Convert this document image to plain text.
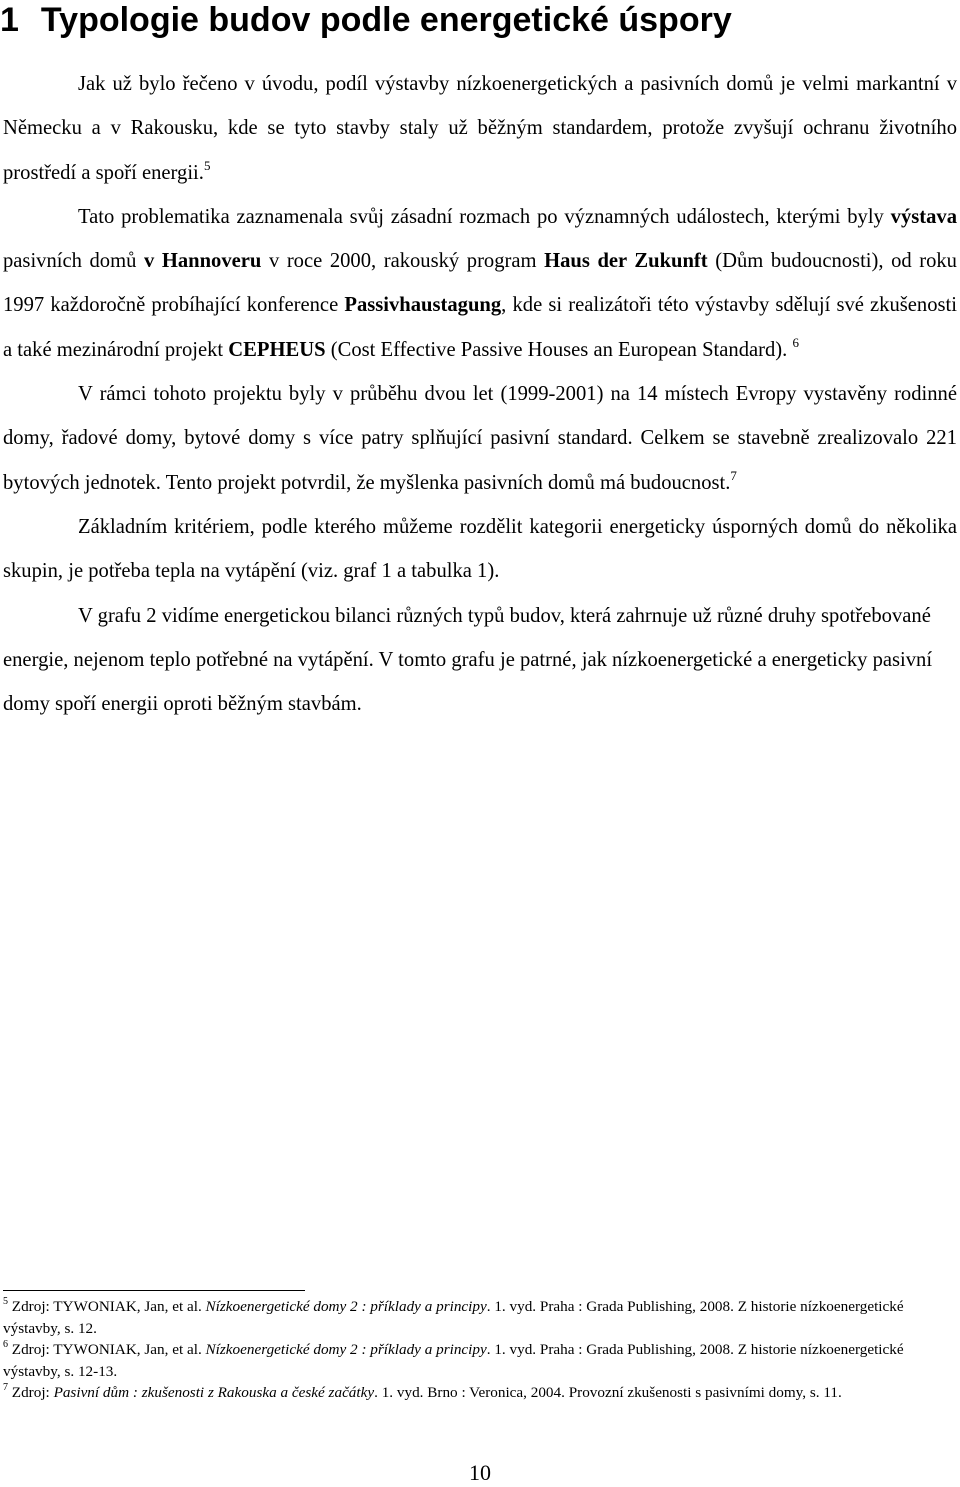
1 Typologie budov podle energetické úspory

Jak už bylo řečeno v úvodu, podíl výstavby nízkoenergetických a pasivních domů je velmi markantní v Německu a v Rakousku, kde se tyto stavby staly už běžným standardem, protože zvyšují ochranu životního prostředí a spoří energii.$^5$

Tato problematika zaznamenala svůj zásadní rozmach po významných událostech, kterými byly výstava pasivních domů v Hannoveru v roce 2000, rakouský program Haus der Zukunft (Dům budoucnosti), od roku 1997 každoročně probíhající konference Passivhaustagung, kde si realizátoři této výstavby sdělují své zkušenosti a také mezinárodní projekt CEPHEUS (Cost Effective Passive Houses an European Standard). $^6$

V rámci tohoto projektu byly v průběhu dvou let (1999-2001) na 14 místech Evropy vystavěny rodinné domy, řadové domy, bytové domy s více patry splňující pasivní standard. Celkem se stavebně zrealizovalo 221 bytových jednotek. Tento projekt potvrdil, že myšlenka pasivních domů má budoucnost.$^7$

Základním kritériem, podle kterého můžeme rozdělit kategorii energeticky úsporných domů do několika skupin, je potřeba tepla na vytápění (viz. graf 1 a tabulka 1).

V grafu 2 vidíme energetickou bilanci různých typů budov, která zahrnuje už různé druhy spotřebované energie, nejenom teplo potřebné na vytápění. V tomto grafu je patrné, jak nízkoenergetické a energeticky pasivní domy spoří energii oproti běžným stavbám.

$^5$ Zdroj: TYWONIAK, Jan, et al. Nízkoenergetické domy 2 : příklady a principy. 1. vyd. Praha : Grada Publishing, 2008. Z historie nízkoenergetické výstavby, s. 12.

$^6$ Zdroj: TYWONIAK, Jan, et al. Nízkoenergetické domy 2 : příklady a principy. 1. vyd. Praha : Grada Publishing, 2008. Z historie nízkoenergetické výstavby, s. 12-13.

$^7$ Zdroj: Pasivní dům : zkušenosti z Rakouska a české začátky. 1. vyd. Brno : Veronica, 2004. Provozní zkušenosti s pasivními domy, s. 11.

10
